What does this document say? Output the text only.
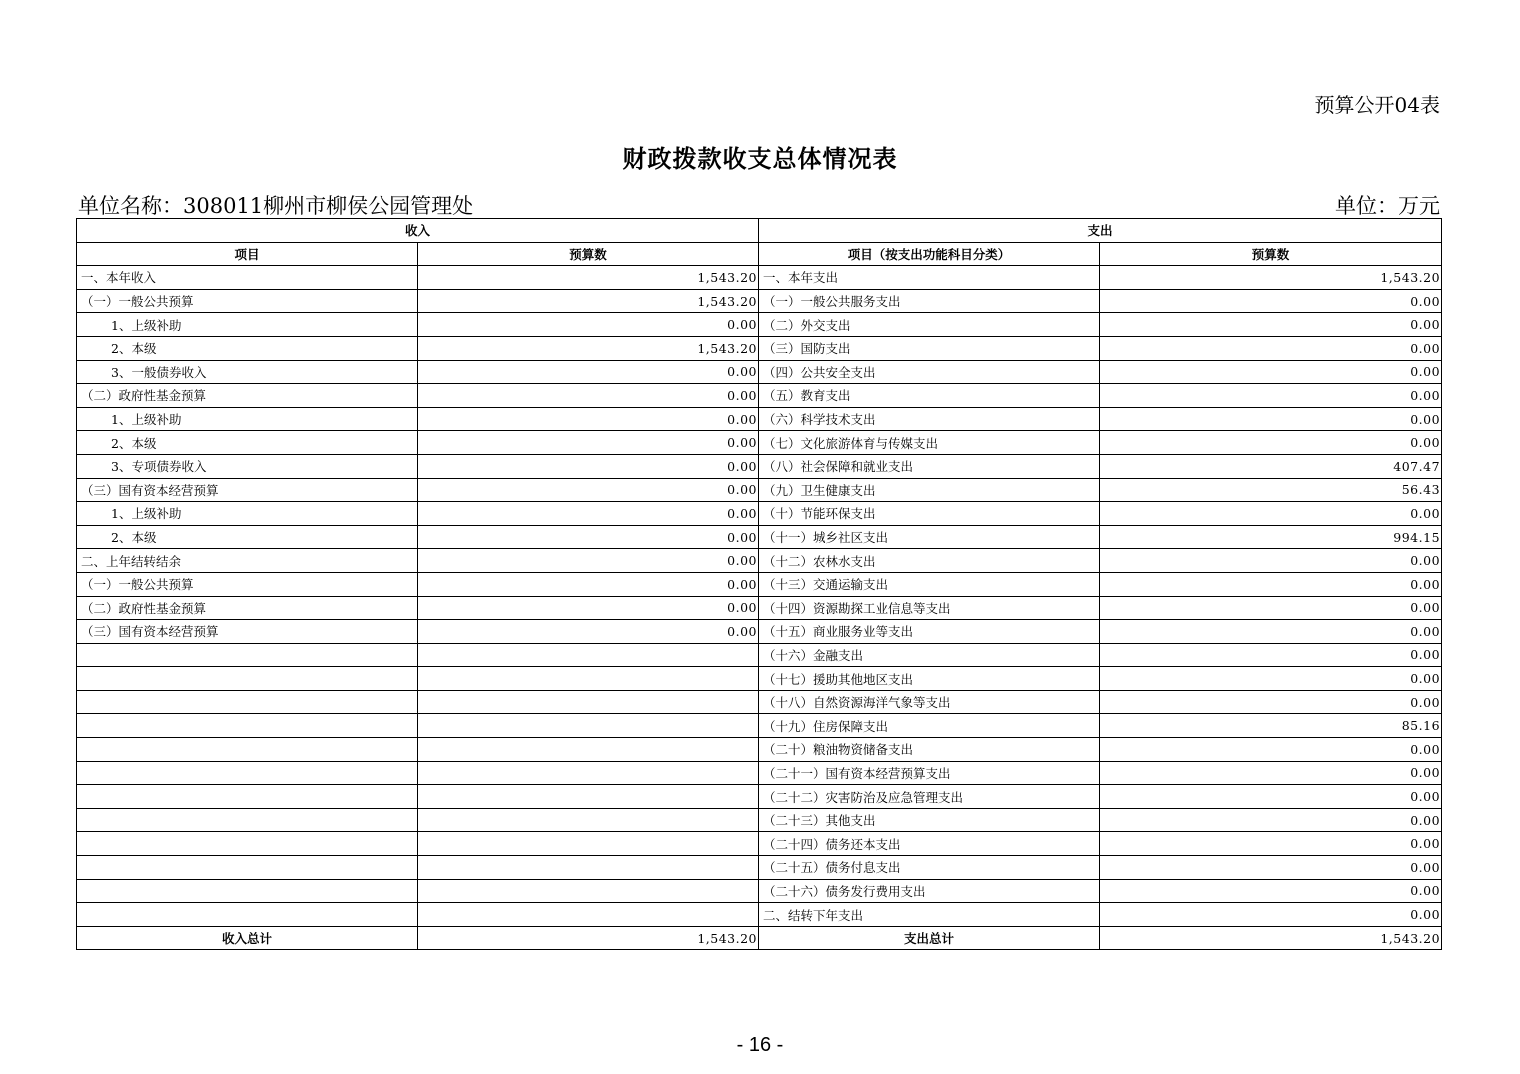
预算公开04表
财政拨款收支总体情况表
单位名称：308011柳州市柳侯公园管理处	单位：万元
收入		支出	
项目	预算数	项目（按支出功能科目分类）	预算数
一、本年收入	1,543.20	一、本年支出	1,543.20
（一）一般公共预算	1,543.20	（一）一般公共服务支出	0.00
1、上级补助	0.00	（二）外交支出	0.00
2、本级	1,543.20	（三）国防支出	0.00
3、一般债券收入	0.00	（四）公共安全支出	0.00
（二）政府性基金预算	0.00	（五）教育支出	0.00
1、上级补助	0.00	（六）科学技术支出	0.00
2、本级	0.00	（七）文化旅游体育与传媒支出	0.00
3、专项债券收入	0.00	（八）社会保障和就业支出	407.47
（三）国有资本经营预算	0.00	（九）卫生健康支出	56.43
1、上级补助	0.00	（十）节能环保支出	0.00
2、本级	0.00	（十一）城乡社区支出	994.15
二、上年结转结余	0.00	（十二）农林水支出	0.00
（一）一般公共预算	0.00	（十三）交通运输支出	0.00
（二）政府性基金预算	0.00	（十四）资源勘探工业信息等支出	0.00
（三）国有资本经营预算	0.00	（十五）商业服务业等支出	0.00
		（十六）金融支出	0.00
		（十七）援助其他地区支出	0.00
		（十八）自然资源海洋气象等支出	0.00
		（十九）住房保障支出	85.16
		（二十）粮油物资储备支出	0.00
		（二十一）国有资本经营预算支出	0.00
		（二十二）灾害防治及应急管理支出	0.00
		（二十三）其他支出	0.00
		（二十四）债务还本支出	0.00
		（二十五）债务付息支出	0.00
		（二十六）债务发行费用支出	0.00
		二、结转下年支出	0.00
收入总计	1,543.20	支出总计	1,543.20
- 16 -
